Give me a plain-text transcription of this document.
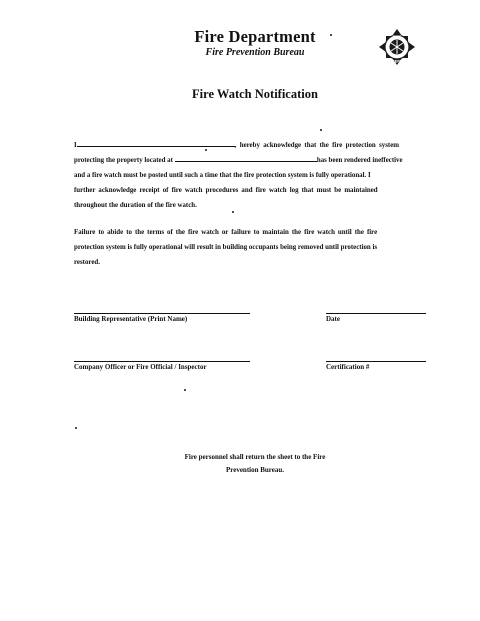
Fire Department
Fire Prevention Bureau
FIRE
DEPT
Fire Watch Notification
I	, hereby acknowledge that the fire protection system
protecting the property located at	has been rendered ineffective
and a fire watch must be posted until such a time that the fire protection system is fully operational. I
further acknowledge receipt of fire watch procedures and fire watch log that must be maintained
throughout the duration of the fire watch.
Failure to abide to the terms of the fire watch or failure to maintain the fire watch until the fire
protection system is fully operational will result in building occupants being removed until protection is
restored.
Building Representative (Print Name)	Date
Company Officer or Fire Official / Inspector	Certification #
Fire personnel shall return the sheet to the Fire
Prevention Bureau.
